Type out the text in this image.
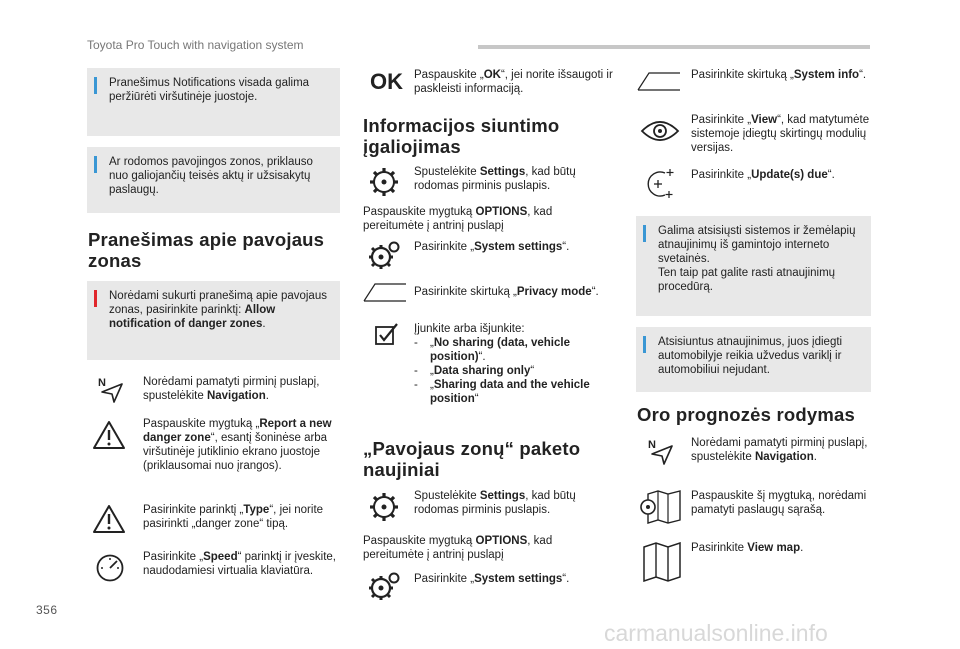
Toyota Pro Touch with navigation system
Pranešimus Notifications visada galima peržiūrėti viršutinėje juostoje.
Ar rodomos pavojingos zonos, priklauso nuo galiojančių teisės aktų ir užsisakytų paslaugų.
Pranešimas apie pavojaus zonas
Norėdami sukurti pranešimą apie pavojaus zonas, pasirinkite parinktį: Allow notification of danger zones.
N	Norėdami pamatyti pirminį puslapį, spustelėkite Navigation.
Paspauskite mygtuką „Report a new danger zone“, esantį šoninėse arba viršutinėje jutiklinio ekrano juostoje (priklausomai nuo įrangos).
Pasirinkite parinktį „Type“, jei norite pasirinkti „danger zone“ tipą.
Pasirinkite „Speed“ parinktį ir įveskite, naudodamiesi virtualia klaviatūra.
OK Paspauskite „OK“, jei norite išsaugoti ir paskleisti informaciją.
Informacijos siuntimo įgaliojimas
Spustelėkite Settings, kad būtų rodomas pirminis puslapis.
Paspauskite mygtuką OPTIONS, kad pereitumėte į antrinį puslapį
Pasirinkite „System settings“.
Pasirinkite skirtuką „Privacy mode“.
Įjunkite arba išjunkite:
- „No sharing (data, vehicle position)“.
- „Data sharing only“
- „Sharing data and the vehicle position“
„Pavojaus zonų“ paketo naujiniai
Spustelėkite Settings, kad būtų rodomas pirminis puslapis.
Paspauskite mygtuką OPTIONS, kad pereitumėte į antrinį puslapį
Pasirinkite „System settings“.
Pasirinkite skirtuką „System info“.
Pasirinkite „View“, kad matytumėte sistemoje įdiegtų skirtingų modulių versijas.
Pasirinkite „Update(s) due“.
Galima atsisiųsti sistemos ir žemėlapių atnaujinimų iš gamintojo interneto svetainės.
Ten taip pat galite rasti atnaujinimų procedūrą.
Atsisiuntus atnaujinimus, juos įdiegti automobilyje reikia užvedus variklį ir automobiliui nejudant.
Oro prognozės rodymas
N	Norėdami pamatyti pirminį puslapį, spustelėkite Navigation.
Paspauskite šį mygtuką, norėdami pamatyti paslaugų sąrašą.
Pasirinkite View map.
356
carmanualsonline.info
